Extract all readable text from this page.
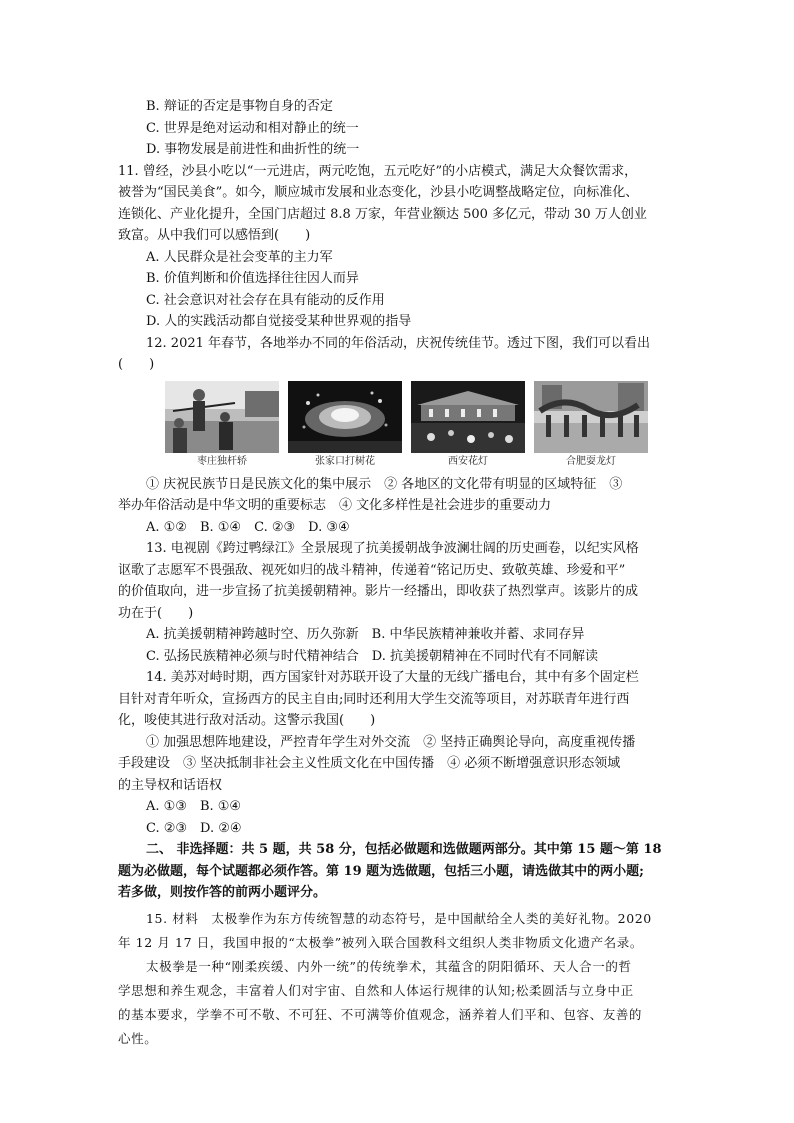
B. 辩证的否定是事物自身的否定
C. 世界是绝对运动和相对静止的统一
D. 事物发展是前进性和曲折性的统一
11. 曾经，沙县小吃以“一元进店，两元吃饱，五元吃好”的小店模式，满足大众餐饮需求，
被誉为“国民美食”。如今，顺应城市发展和业态变化，沙县小吃调整战略定位，向标准化、
连锁化、产业化提升，全国门店超过 8.8 万家，年营业额达 500 多亿元，带动 30 万人创业
致富。从中我们可以感悟到(　　)
A. 人民群众是社会变革的主力军
B. 价值判断和价值选择往往因人而异
C. 社会意识对社会存在具有能动的反作用
D. 人的实践活动都自觉接受某种世界观的指导
12. 2021 年春节，各地举办不同的年俗活动，庆祝传统佳节。透过下图，我们可以看出
(　　)
枣庄独杆轿	张家口打树花	西安花灯	合肥耍龙灯
① 庆祝民族节日是民族文化的集中展示　② 各地区的文化带有明显的区域特征　③
举办年俗活动是中华文明的重要标志　④ 文化多样性是社会进步的重要动力
A. ①②　B. ①④　C. ②③　D. ③④
13. 电视剧《跨过鸭绿江》全景展现了抗美援朝战争波澜壮阔的历史画卷，以纪实风格
讴歌了志愿军不畏强敌、视死如归的战斗精神，传递着“铭记历史、致敬英雄、珍爱和平”
的价值取向，进一步宣扬了抗美援朝精神。影片一经播出，即收获了热烈掌声。该影片的成
功在于(　　)
A. 抗美援朝精神跨越时空、历久弥新　B. 中华民族精神兼收并蓄、求同存异
C. 弘扬民族精神必须与时代精神结合　D. 抗美援朝精神在不同时代有不同解读
14. 美苏对峙时期，西方国家针对苏联开设了大量的无线广播电台，其中有多个固定栏
目针对青年听众，宣扬西方的民主自由;同时还利用大学生交流等项目，对苏联青年进行西
化，唆使其进行敌对活动。这警示我国(　　)
① 加强思想阵地建设，严控青年学生对外交流　② 坚持正确舆论导向，高度重视传播
手段建设　③ 坚决抵制非社会主义性质文化在中国传播　④ 必须不断增强意识形态领域
的主导权和话语权
A. ①③　B. ①④
C. ②③　D. ②④
二、 非选择题：共 5 题，共 58 分，包括必做题和选做题两部分。其中第 15 题～第 18
题为必做题，每个试题都必须作答。第 19 题为选做题，包括三小题，请选做其中的两小题;
若多做，则按作答的前两小题评分。
15. 材料　太极拳作为东方传统智慧的动态符号，是中国献给全人类的美好礼物。2020
年 12 月 17 日，我国申报的“太极拳”被列入联合国教科文组织人类非物质文化遗产名录。
太极拳是一种“刚柔疾缓、内外一统”的传统拳术，其蕴含的阴阳循环、天人合一的哲
学思想和养生观念，丰富着人们对宇宙、自然和人体运行规律的认知;松柔圆活与立身中正
的基本要求，学拳不可不敬、不可狂、不可满等价值观念，涵养着人们平和、包容、友善的
心性。
